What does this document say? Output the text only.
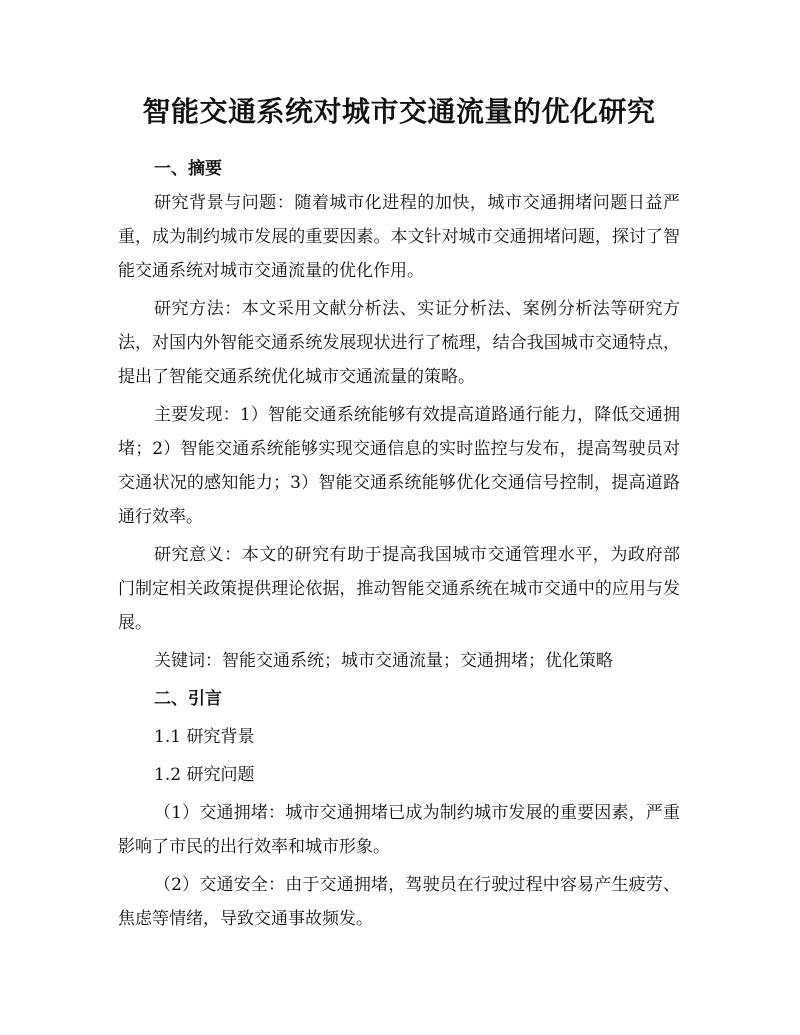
智能交通系统对城市交通流量的优化研究
一、摘要

研究背景与问题：随着城市化进程的加快，城市交通拥堵问题日益严重，成为制约城市发展的重要因素。本文针对城市交通拥堵问题，探讨了智能交通系统对城市交通流量的优化作用。

研究方法：本文采用文献分析法、实证分析法、案例分析法等研究方法，对国内外智能交通系统发展现状进行了梳理，结合我国城市交通特点，提出了智能交通系统优化城市交通流量的策略。

主要发现：1）智能交通系统能够有效提高道路通行能力，降低交通拥堵；2）智能交通系统能够实现交通信息的实时监控与发布，提高驾驶员对交通状况的感知能力；3）智能交通系统能够优化交通信号控制，提高道路通行效率。

研究意义：本文的研究有助于提高我国城市交通管理水平，为政府部门制定相关政策提供理论依据，推动智能交通系统在城市交通中的应用与发展。

关键词：智能交通系统；城市交通流量；交通拥堵；优化策略

二、引言

1.1 研究背景

1.2 研究问题

（1）交通拥堵：城市交通拥堵已成为制约城市发展的重要因素，严重影响了市民的出行效率和城市形象。

（2）交通安全：由于交通拥堵，驾驶员在行驶过程中容易产生疲劳、焦虑等情绪，导致交通事故频发。
